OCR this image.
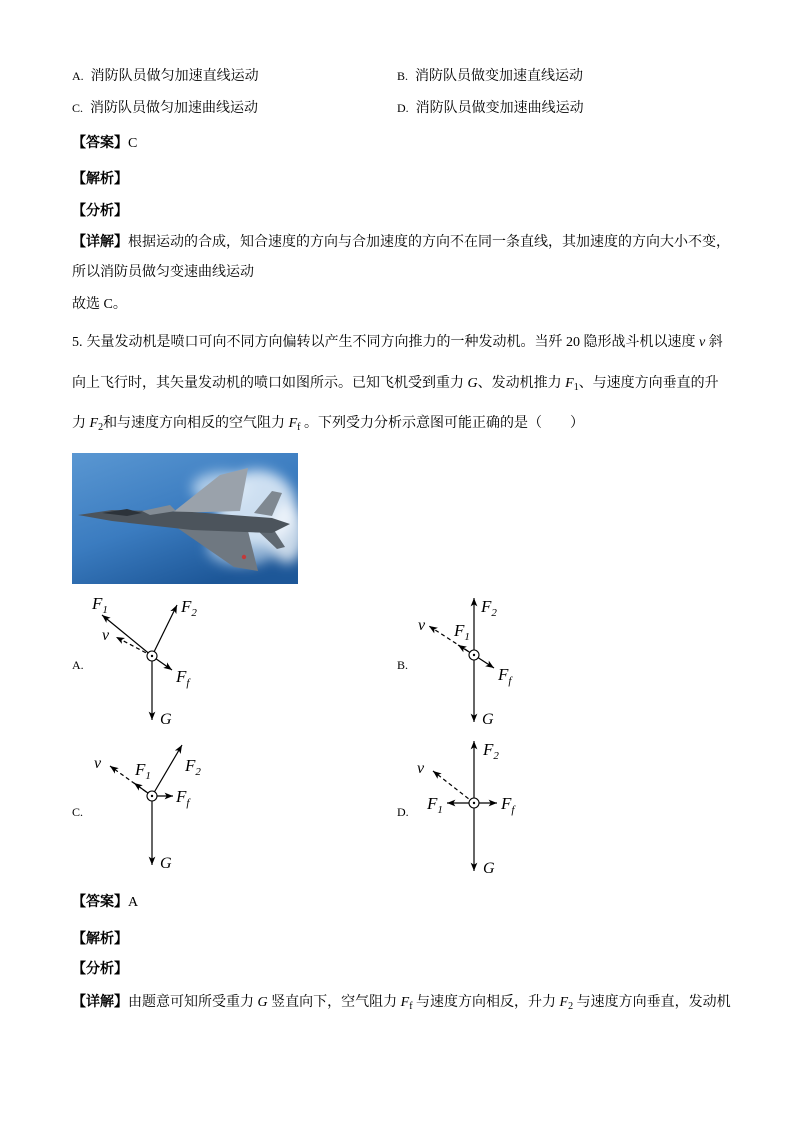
A. 消防队员做匀加速直线运动	B. 消防队员做变加速直线运动
C. 消防队员做匀加速曲线运动	D. 消防队员做变加速曲线运动
【答案】C
【解析】
【分析】
【详解】根据运动的合成，知合速度的方向与合加速度的方向不在同一条直线，其加速度的方向大小不变，
所以消防员做匀变速曲线运动
故选 C。
5. 矢量发动机是喷口可向不同方向偏转以产生不同方向推力的一种发动机。当歼 20 隐形战斗机以速度 v 斜
向上飞行时，其矢量发动机的喷口如图所示。已知飞机受到重力 G、发动机推力 $F_1$、与速度方向垂直的升
力 $F_2$和与速度方向相反的空气阻力 $F_f$ 。下列受力分析示意图可能正确的是（　　）
A.
$F_1$	$F_2$
v
$F_f$
G
B.
$F_2$
v $F_1$
$F_f$
G
C.
v $F_1$
$F_2$
$F_f$
G
D.
$F_2$
v
$F_1$	$F_f$
G
【答案】A
【解析】
【分析】
【详解】由题意可知所受重力 G 竖直向下，空气阻力 $F_f$ 与速度方向相反，升力 $F_2$ 与速度方向垂直，发动机
